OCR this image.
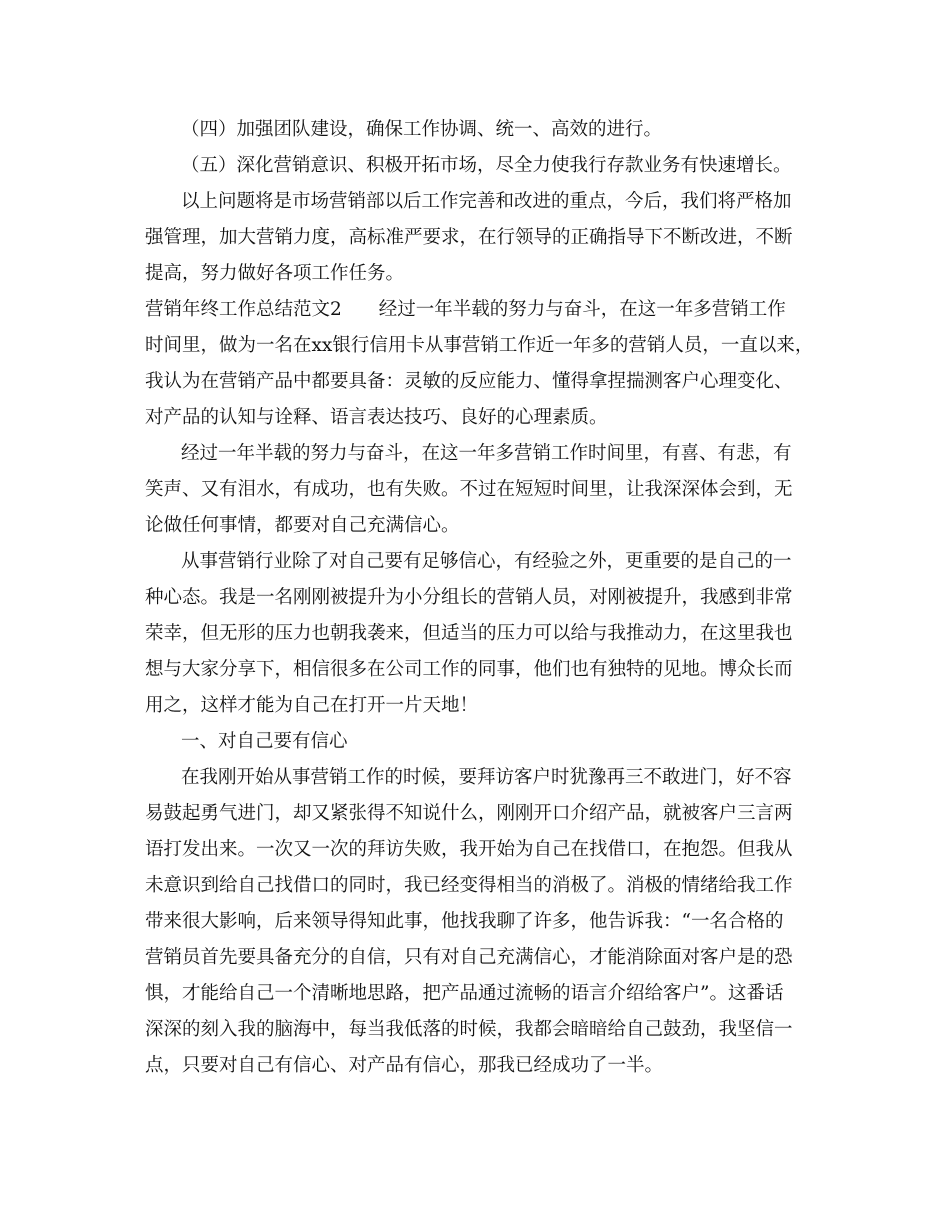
（四）加强团队建设，确保工作协调、统一、高效的进行。
（五）深化营销意识、积极开拓市场，尽全力使我行存款业务有快速增长。
以上问题将是市场营销部以后工作完善和改进的重点，今后，我们将严格加
强管理，加大营销力度，高标准严要求，在行领导的正确指导下不断改进，不断
提高，努力做好各项工作任务。
营销年终工作总结范文2　　经过一年半载的努力与奋斗，在这一年多营销工作
时间里，做为一名在xx银行信用卡从事营销工作近一年多的营销人员，一直以来，
我认为在营销产品中都要具备：灵敏的反应能力、懂得拿捏揣测客户心理变化、
对产品的认知与诠释、语言表达技巧、良好的心理素质。
经过一年半载的努力与奋斗，在这一年多营销工作时间里，有喜、有悲，有
笑声、又有泪水，有成功，也有失败。不过在短短时间里，让我深深体会到，无
论做任何事情，都要对自己充满信心。
从事营销行业除了对自己要有足够信心，有经验之外，更重要的是自己的一
种心态。我是一名刚刚被提升为小分组长的营销人员，对刚被提升，我感到非常
荣幸，但无形的压力也朝我袭来，但适当的压力可以给与我推动力，在这里我也
想与大家分享下，相信很多在公司工作的同事，他们也有独特的见地。博众长而
用之，这样才能为自己在打开一片天地！
一、对自己要有信心
在我刚开始从事营销工作的时候，要拜访客户时犹豫再三不敢进门，好不容
易鼓起勇气进门，却又紧张得不知说什么，刚刚开口介绍产品，就被客户三言两
语打发出来。一次又一次的拜访失败，我开始为自己在找借口，在抱怨。但我从
未意识到给自己找借口的同时，我已经变得相当的消极了。消极的情绪给我工作
带来很大影响，后来领导得知此事，他找我聊了许多，他告诉我：“一名合格的
营销员首先要具备充分的自信，只有对自己充满信心，才能消除面对客户是的恐
惧，才能给自己一个清晰地思路，把产品通过流畅的语言介绍给客户”。这番话
深深的刻入我的脑海中，每当我低落的时候，我都会暗暗给自己鼓劲，我坚信一
点，只要对自己有信心、对产品有信心，那我已经成功了一半。
